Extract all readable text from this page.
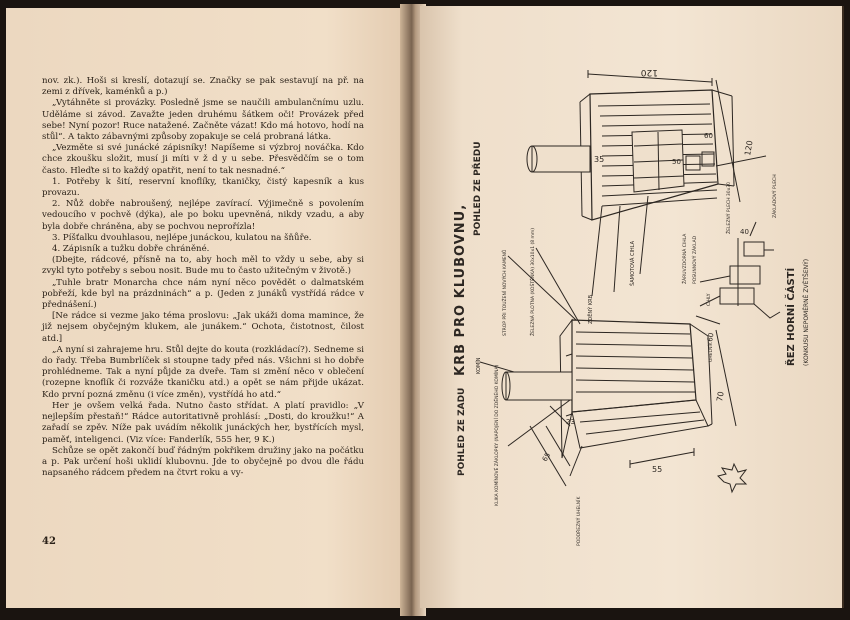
nov. zk.). Hoši si kreslí, dotazují se. Značky se pak sestavují na př. na zemi z dřívek, kaménků a p.)

„Vytáhněte si provázky. Posledně jsme se naučili ambulančnímu uzlu. Uděláme si závod. Zavažte jeden druhému šátkem oči! Provázek před sebe! Nyní pozor! Ruce natažené. Začněte vázat! Kdo má hotovo, hodí na stůl“. A takto zábavnými způsoby zopakuje se celá probraná látka.

„Vezměte si své junácké zápisníky! Napíšeme si výzbroj nováčka. Kdo chce zkoušku složit, musí ji míti v ž d y u sebe. Přesvědčím se o tom často. Hleďte si to každý opatřit, není to tak nesnadné.“

1. Potřeby k šití, reservní knoflíky, tkaničky, čistý kapesník a kus provazu.

2. Nůž dobře nabroušený, nejlépe zavírací. Výjimečně s povolením vedoucího v pochvě (dýka), ale po boku upevněná, nikdy vzadu, a aby byla dobře chráněna, aby se pochvou neprořízla!

3. Píšťalku dvouhlasou, nejlépe junáckou, kulatou na šňůře.

4. Zápisník a tužku dobře chráněné.

(Dbejte, rádcové, přísně na to, aby hoch měl to vždy u sebe, aby si zvykl tyto potřeby s sebou nosit. Bude mu to často užitečným v životě.)

„Tuhle bratr Monarcha chce nám nyní něco povědět o dalmatském pobřeží, kde byl na prázdninách“ a p. (Jeden z junáků vystřídá rádce v přednášení.)

[Ne rádce si vezme jako téma proslovu: „Jak ukáži doma mamince, že již nejsem obyčejným klukem, ale junákem.“ Ochota, čistotnost, čilost atd.]

„A nyní si zahrajeme hru. Stůl dejte do kouta (rozkládací?). Sedneme si do řady. Třeba Bumbrlíček si stoupne tady před nás. Všichni si ho dobře prohlédneme. Tak a nyní půjde za dveře. Tam si změní něco v oblečení (rozepne knoflík či rozváže tkaničku atd.) a opět se nám přijde ukázat. Kdo první pozná změnu (i více změn), vystřídá ho atd.“

Her je ovšem velká řada. Nutno často střídat. A platí pravidlo: „V nejlepším přestaň!“ Rádce autoritativně prohlásí: „Dosti, do kroužku!“ A zařadí se zpěv. Níže pak uvádím několik junáckých her, bystřících mysl, paměť, inteligenci. (Viz více: Fanderlík, 555 her, 9 K.)

Schůze se opět zakončí buď řádným pokřikem družiny jako na počátku a p. Pak určení hoši uklidí klubovnu. Jde to obyčejně po dvou dle řádu napsaného rádcem předem na čtvrt roku a vy-

42
POHLED ZE PŘEDU
KRB PRO KLUBOVNU,
POHLED ZE ZADU
ŘEZ HORNÍ ČÁSTÍ (KONKUSU NEPOMĚRNĚ ZVĚTŠENÝ)
120
120
50
60
35
70
60
55
23
65
40
KOMÍN
STROP PŘI TOUŽENÍ NOVÝCH KAMENŮ	ŽELEZNÁ PLOTNA (KOŠTĚNKA) 30x10x1 (8 mm)	ZDĚNÝ KRB
ŠAMOTOVÁ CIHLA	ŽÁRUVZDORNÁ CIHLA	POSUNNOVÝ ZÁKLAD
KLIKA KOMÍNOVÉ ZÁKLOPKY (NAPOJENÍ DO ZDĚNÉHO KOMÍNA)
ŽELEZNÝ PLECH 30x30
CIHLY
UHELNÍK
ZÁKLADOVÝ PLECH
PODDŘEZNÝ UHELNÍK
